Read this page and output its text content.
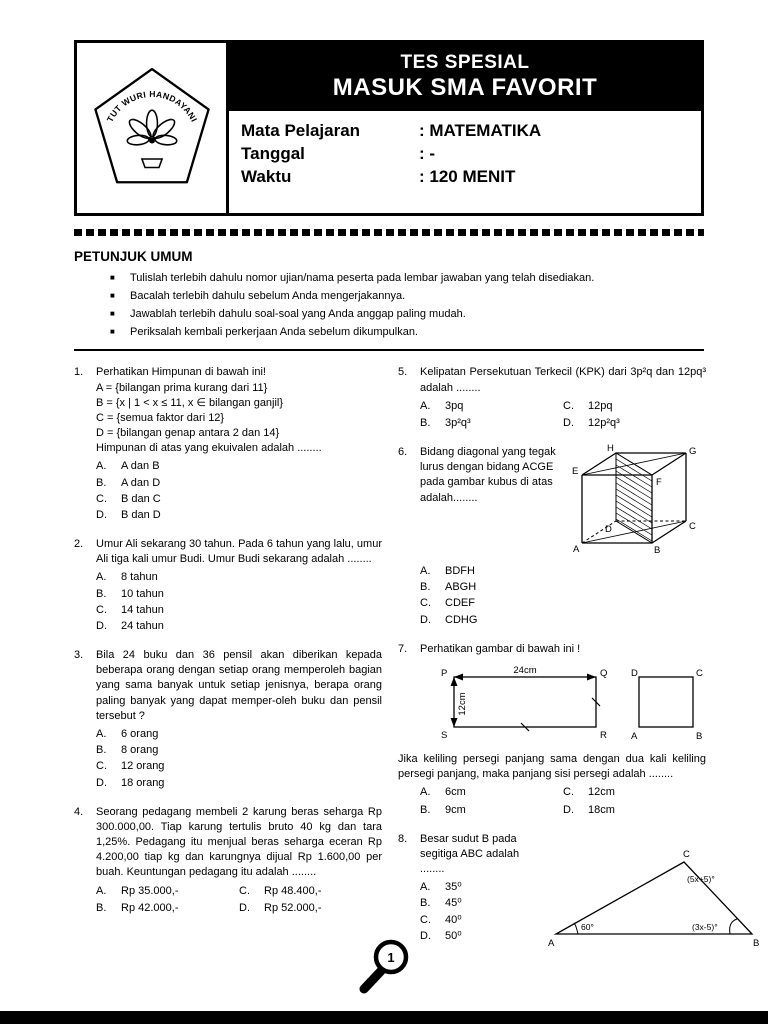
TUT WURI HANDAYANI
TES SPESIAL
MASUK SMA FAVORIT
Mata Pelajaran	: MATEMATIKA
Tanggal	: -
Waktu	: 120 MENIT
PETUNJUK UMUM
■	Tulislah terlebih dahulu nomor ujian/nama peserta pada lembar jawaban yang telah disediakan.
■	Bacalah terlebih dahulu sebelum Anda mengerjakannya.
■	Jawablah terlebih dahulu soal-soal yang Anda anggap paling mudah.
■	Periksalah kembali perkerjaan Anda sebelum dikumpulkan.
1.	Perhatikan Himpunan di bawah ini!
A = {bilangan prima kurang dari 11}
B = {x | 1 < x ≤ 11, x ∈ bilangan ganjil}
C = {semua faktor dari 12}
D = {bilangan genap antara 2 dan 14}
Himpunan di atas yang ekuivalen adalah ........
A.	A dan B
B.	A dan D
C.	B dan C
D.	B dan D
2.	Umur Ali sekarang 30 tahun. Pada 6 tahun yang lalu, umur Ali tiga kali umur Budi. Umur Budi sekarang adalah ........
A.	8 tahun
B.	10 tahun
C.	14 tahun
D.	24 tahun
3.	Bila 24 buku dan 36 pensil akan diberikan kepada beberapa orang dengan setiap orang memperoleh bagian yang sama banyak untuk setiap jenisnya, berapa orang paling banyak yang dapat memper-oleh buku dan pensil tersebut ?
A.	6 orang
B.	8 orang
C.	12 orang
D.	18 orang
4.	Seorang pedagang membeli 2 karung beras seharga Rp 300.000,00. Tiap karung tertulis bruto 40 kg dan tara 1,25%. Pedagang itu menjual beras seharga eceran Rp 4.200,00 tiap kg dan karungnya dijual Rp 1.600,00 per buah. Keuntungan pedagang itu adalah ........
A.	Rp 35.000,-	C.	Rp 48.400,-
B.	Rp 42.000,-	D.	Rp 52.000,-
5.	Kelipatan Persekutuan Terkecil (KPK) dari 3p²q dan 12pq³ adalah ........
A.	3pq	C.	12pq
B.	3p²q³	D.	12p²q³
6.	Bidang diagonal yang tegak lurus dengan bidang ACGE pada gambar kubus di atas adalah........
A	B
C
D
E
F
G
H
A.	BDFH
B.	ABGH
C.	CDEF
D.	CDHG
7.	Perhatikan gambar di bawah ini !
24cm
12cm
P	Q
S	R
D	C
A	B
Jika keliling persegi panjang sama dengan dua kali keliling persegi panjang, maka panjang sisi persegi adalah ........
A.	6cm	C.	12cm
B.	9cm	D.	18cm
8.	Besar sudut B pada segitiga ABC adalah
........
A.	35⁰
B.	45⁰
C.	40⁰
D.	50⁰
60°	(3x-5)°
(5x+5)°
A	B
C
1
